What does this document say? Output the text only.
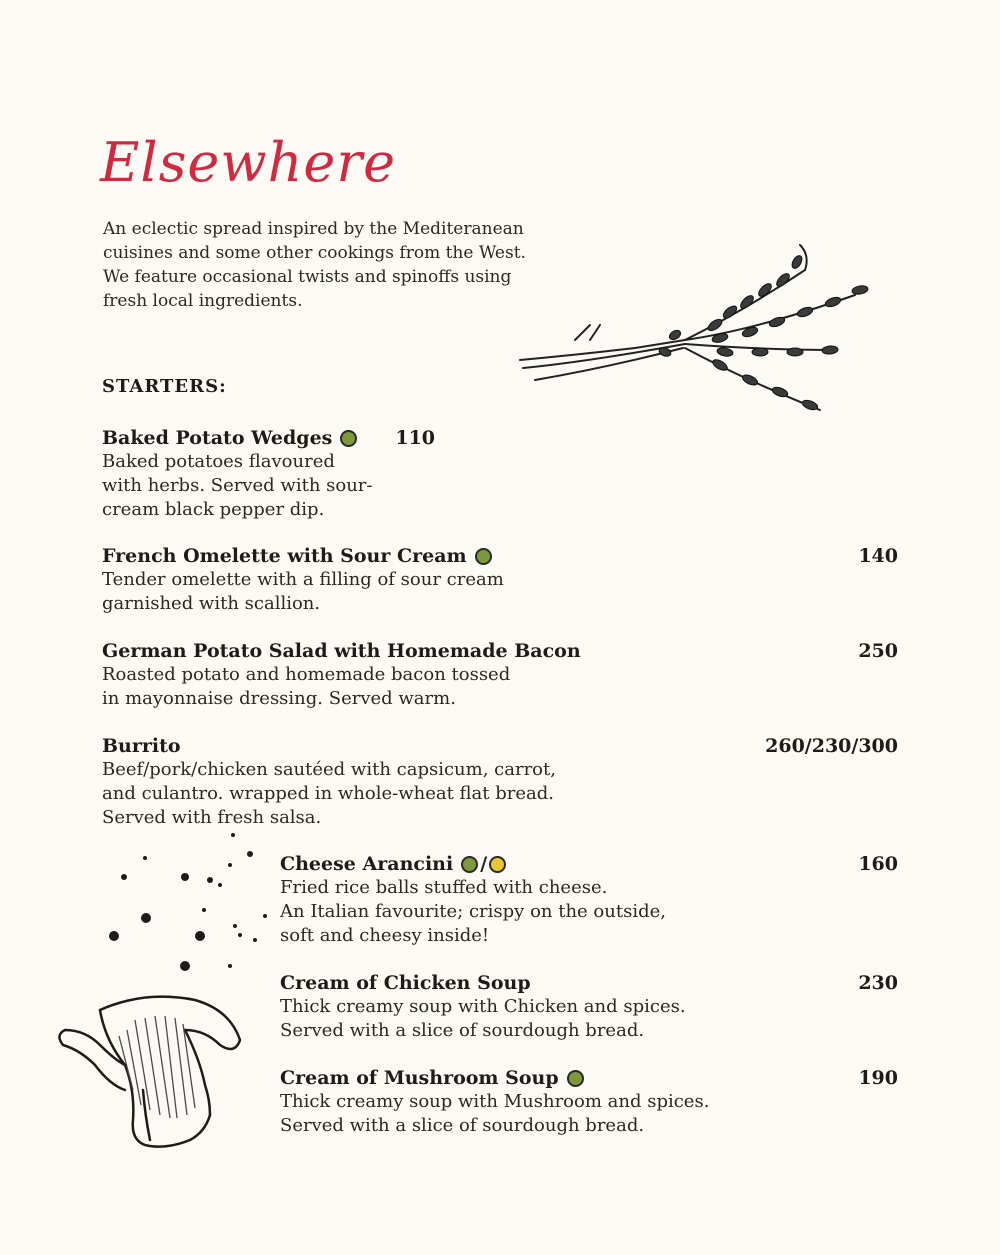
Elsewhere
An eclectic spread inspired by the Mediteranean
cuisines and some other cookings from the West.
We feature occasional twists and spinoffs using
fresh local ingredients.
STARTERS:
Baked Potato Wedges	110
Baked potatoes flavoured
with herbs. Served with sour-
cream black pepper dip.
French Omelette with Sour Cream	140
Tender omelette with a filling of sour cream
garnished with scallion.
German Potato Salad with Homemade Bacon	250
Roasted potato and homemade bacon tossed
in mayonnaise dressing. Served warm.
Burrito	260/230/300
Beef/pork/chicken sautéed with capsicum, carrot,
and culantro. wrapped in whole-wheat flat bread.
Served with fresh salsa.
Cheese Arancini /	160
Fried rice balls stuffed with cheese.
An Italian favourite; crispy on the outside,
soft and cheesy inside!
Cream of Chicken Soup	230
Thick creamy soup with Chicken and spices.
Served with a slice of sourdough bread.
Cream of Mushroom Soup	190
Thick creamy soup with Mushroom and spices.
Served with a slice of sourdough bread.
